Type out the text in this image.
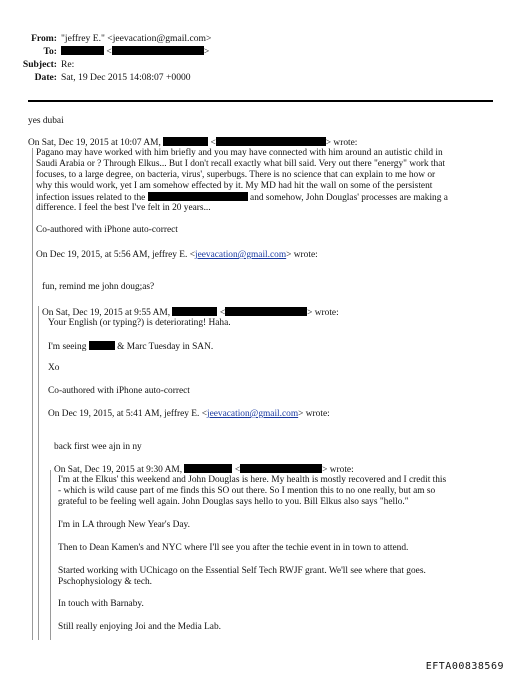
From: "jeffrey E." <jeevacation@gmail.com>
To:	<	>
Subject: Re:
Date: Sat, 19 Dec 2015 14:08:07 +0000
yes dubai
On Sat, Dec 19, 2015 at 10:07 AM,	<	> wrote:
Pagano may have worked with him briefly and you may have connected with him around an autistic child in
Saudi Arabia or ? Through Elkus... But I don't recall exactly what bill said. Very out there "energy" work that
focuses, to a large degree, on bacteria, virus', superbugs. There is no science that can explain to me how or
why this would work, yet I am somehow effected by it. My MD had hit the wall on some of the persistent
infection issues related to the	and somehow, John Douglas' processes are making a
difference. I feel the best I've felt in 20 years...
Co-authored with iPhone auto-correct
On Dec 19, 2015, at 5:56 AM, jeffrey E. <jeevacation@gmail.com> wrote:
fun, remind me john doug;as?
On Sat, Dec 19, 2015 at 9:55 AM,	<	> wrote:
Your English (or typing?) is deteriorating! Haha.
I'm seeing	& Marc Tuesday in SAN.
Xo
Co-authored with iPhone auto-correct
On Dec 19, 2015, at 5:41 AM, jeffrey E. <jeevacation@gmail.com> wrote:
back first wee ajn in ny
On Sat, Dec 19, 2015 at 9:30 AM,	<	> wrote:
I'm at the Elkus' this weekend and John Douglas is here. My health is mostly recovered and I credit this
- which is wild cause part of me finds this SO out there. So I mention this to no one really, but am so
grateful to be feeling well again. John Douglas says hello to you. Bill Elkus also says "hello."
I'm in LA through New Year's Day.
Then to Dean Kamen's and NYC where I'll see you after the techie event in in town to attend.
Started working with UChicago on the Essential Self Tech RWJF grant. We'll see where that goes.
Pschophysiology & tech.
In touch with Barnaby.
Still really enjoying Joi and the Media Lab.
EFTA00838569
